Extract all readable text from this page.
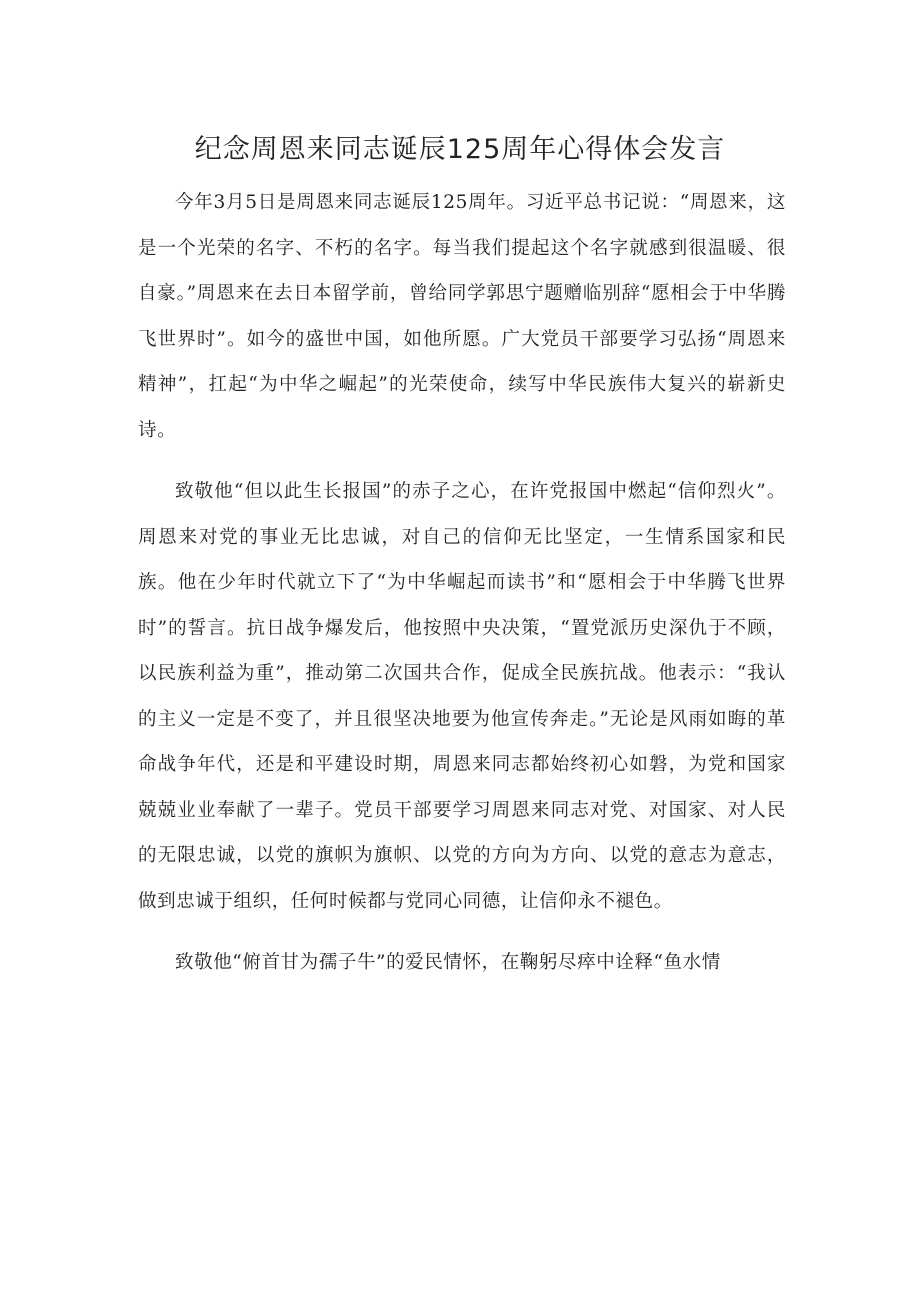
纪念周恩来同志诞辰125周年心得体会发言

今年3月5日是周恩来同志诞辰125周年。习近平总书记说：“周恩来，这是一个光荣的名字、不朽的名字。每当我们提起这个名字就感到很温暖、很自豪。”周恩来在去日本留学前，曾给同学郭思宁题赠临别辞“愿相会于中华腾飞世界时”。如今的盛世中国，如他所愿。广大党员干部要学习弘扬“周恩来精神”，扛起“为中华之崛起”的光荣使命，续写中华民族伟大复兴的崭新史诗。

致敬他“但以此生长报国”的赤子之心，在许党报国中燃起“信仰烈火”。周恩来对党的事业无比忠诚，对自己的信仰无比坚定，一生情系国家和民族。他在少年时代就立下了“为中华崛起而读书”和“愿相会于中华腾飞世界时”的誓言。抗日战争爆发后，他按照中央决策，“置党派历史深仇于不顾，以民族利益为重”，推动第二次国共合作，促成全民族抗战。他表示：“我认的主义一定是不变了，并且很坚决地要为他宣传奔走。”无论是风雨如晦的革命战争年代，还是和平建设时期，周恩来同志都始终初心如磐，为党和国家兢兢业业奉献了一辈子。党员干部要学习周恩来同志对党、对国家、对人民的无限忠诚，以党的旗帜为旗帜、以党的方向为方向、以党的意志为意志，做到忠诚于组织，任何时候都与党同心同德，让信仰永不褪色。

致敬他“俯首甘为孺子牛”的爱民情怀，在鞠躬尽瘁中诠释“鱼水情
